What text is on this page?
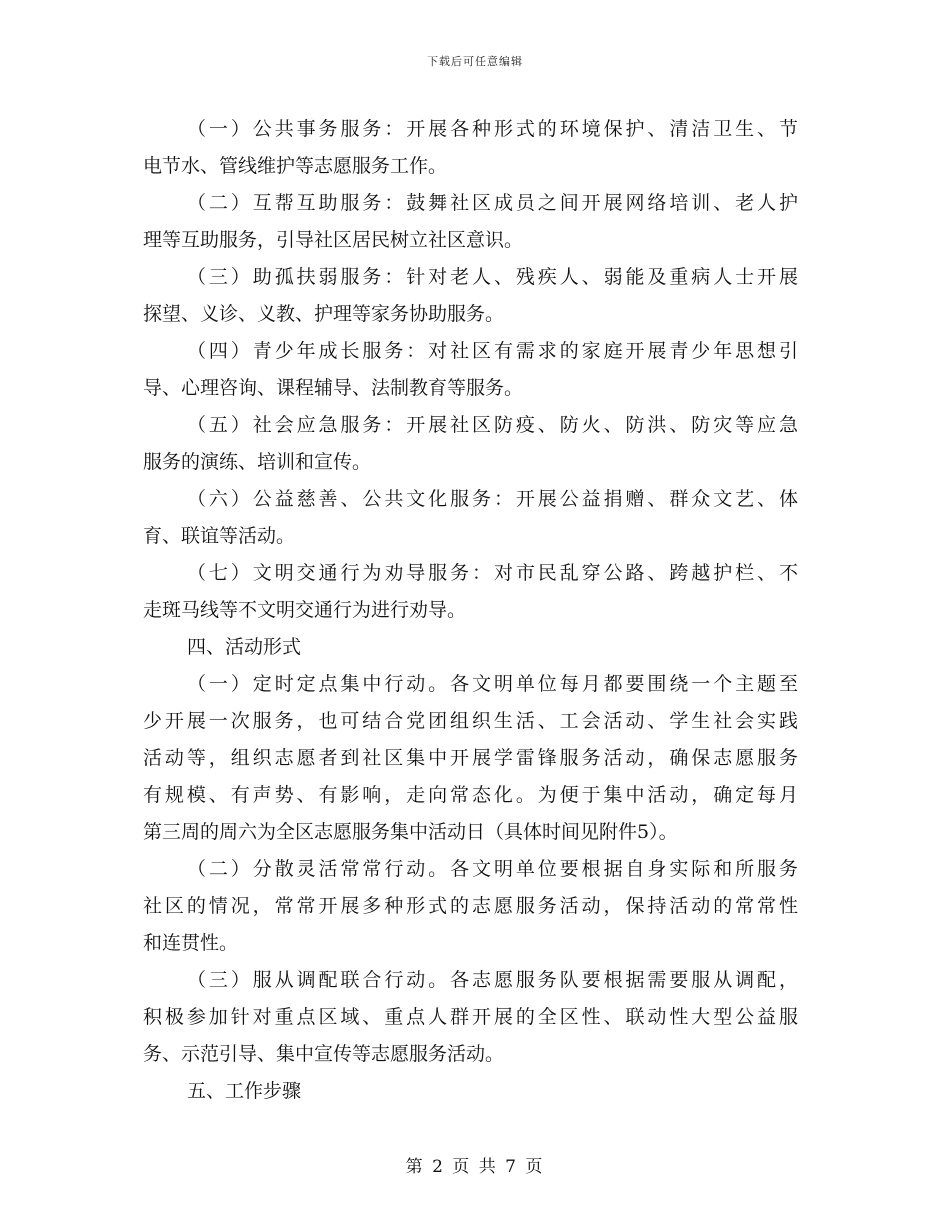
下载后可任意编辑
（一）公共事务服务：开展各种形式的环境保护、清洁卫生、节
电节水、管线维护等志愿服务工作。
（二）互帮互助服务：鼓舞社区成员之间开展网络培训、老人护
理等互助服务，引导社区居民树立社区意识。
（三）助孤扶弱服务：针对老人、残疾人、弱能及重病人士开展
探望、义诊、义教、护理等家务协助服务。
（四）青少年成长服务：对社区有需求的家庭开展青少年思想引
导、心理咨询、课程辅导、法制教育等服务。
（五）社会应急服务：开展社区防疫、防火、防洪、防灾等应急
服务的演练、培训和宣传。
（六）公益慈善、公共文化服务：开展公益捐赠、群众文艺、体
育、联谊等活动。
（七）文明交通行为劝导服务：对市民乱穿公路、跨越护栏、不
走斑马线等不文明交通行为进行劝导。
四、活动形式
（一）定时定点集中行动。各文明单位每月都要围绕一个主题至
少开展一次服务，也可结合党团组织生活、工会活动、学生社会实践
活动等，组织志愿者到社区集中开展学雷锋服务活动，确保志愿服务
有规模、有声势、有影响，走向常态化。为便于集中活动，确定每月
第三周的周六为全区志愿服务集中活动日（具体时间见附件5）。
（二）分散灵活常常行动。各文明单位要根据自身实际和所服务
社区的情况，常常开展多种形式的志愿服务活动，保持活动的常常性
和连贯性。
（三）服从调配联合行动。各志愿服务队要根据需要服从调配，
积极参加针对重点区域、重点人群开展的全区性、联动性大型公益服
务、示范引导、集中宣传等志愿服务活动。
五、工作步骤
第 2 页 共 7 页
